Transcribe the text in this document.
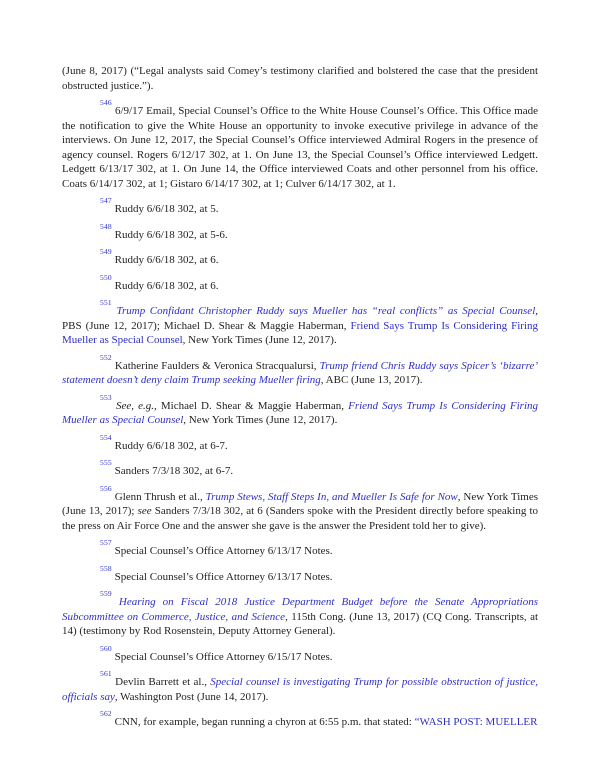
(June 8, 2017) (“Legal analysts said Comey’s testimony clarified and bolstered the case that the president obstructed justice.”).

$^{546}$ 6/9/17 Email, Special Counsel’s Office to the White House Counsel’s Office. This Office made the notification to give the White House an opportunity to invoke executive privilege in advance of the interviews. On June 12, 2017, the Special Counsel’s Office interviewed Admiral Rogers in the presence of agency counsel. Rogers 6/12/17 302, at 1. On June 13, the Special Counsel’s Office interviewed Ledgett. Ledgett 6/13/17 302, at 1. On June 14, the Office interviewed Coats and other personnel from his office. Coats 6/14/17 302, at 1; Gistaro 6/14/17 302, at 1; Culver 6/14/17 302, at 1.

$^{547}$ Ruddy 6/6/18 302, at 5.

$^{548}$ Ruddy 6/6/18 302, at 5-6.

$^{549}$ Ruddy 6/6/18 302, at 6.

$^{550}$ Ruddy 6/6/18 302, at 6.

$^{551}$ Trump Confidant Christopher Ruddy says Mueller has “real conflicts” as Special Counsel, PBS (June 12, 2017); Michael D. Shear & Maggie Haberman, Friend Says Trump Is Considering Firing Mueller as Special Counsel, New York Times (June 12, 2017).

$^{552}$ Katherine Faulders & Veronica Stracqualursi, Trump friend Chris Ruddy says Spicer’s ‘bizarre’ statement doesn’t deny claim Trump seeking Mueller firing, ABC (June 13, 2017).

$^{553}$ See, e.g., Michael D. Shear & Maggie Haberman, Friend Says Trump Is Considering Firing Mueller as Special Counsel, New York Times (June 12, 2017).

$^{554}$ Ruddy 6/6/18 302, at 6-7.

$^{555}$ Sanders 7/3/18 302, at 6-7.

$^{556}$ Glenn Thrush et al., Trump Stews, Staff Steps In, and Mueller Is Safe for Now, New York Times (June 13, 2017); see Sanders 7/3/18 302, at 6 (Sanders spoke with the President directly before speaking to the press on Air Force One and the answer she gave is the answer the President told her to give).

$^{557}$ Special Counsel’s Office Attorney 6/13/17 Notes.

$^{558}$ Special Counsel’s Office Attorney 6/13/17 Notes.

$^{559}$ Hearing on Fiscal 2018 Justice Department Budget before the Senate Appropriations Subcommittee on Commerce, Justice, and Science, 115th Cong. (June 13, 2017) (CQ Cong. Transcripts, at 14) (testimony by Rod Rosenstein, Deputy Attorney General).

$^{560}$ Special Counsel’s Office Attorney 6/15/17 Notes.

$^{561}$ Devlin Barrett et al., Special counsel is investigating Trump for possible obstruction of justice, officials say, Washington Post (June 14, 2017).

$^{562}$ CNN, for example, began running a chyron at 6:55 p.m. that stated: “WASH POST: MUELLER
